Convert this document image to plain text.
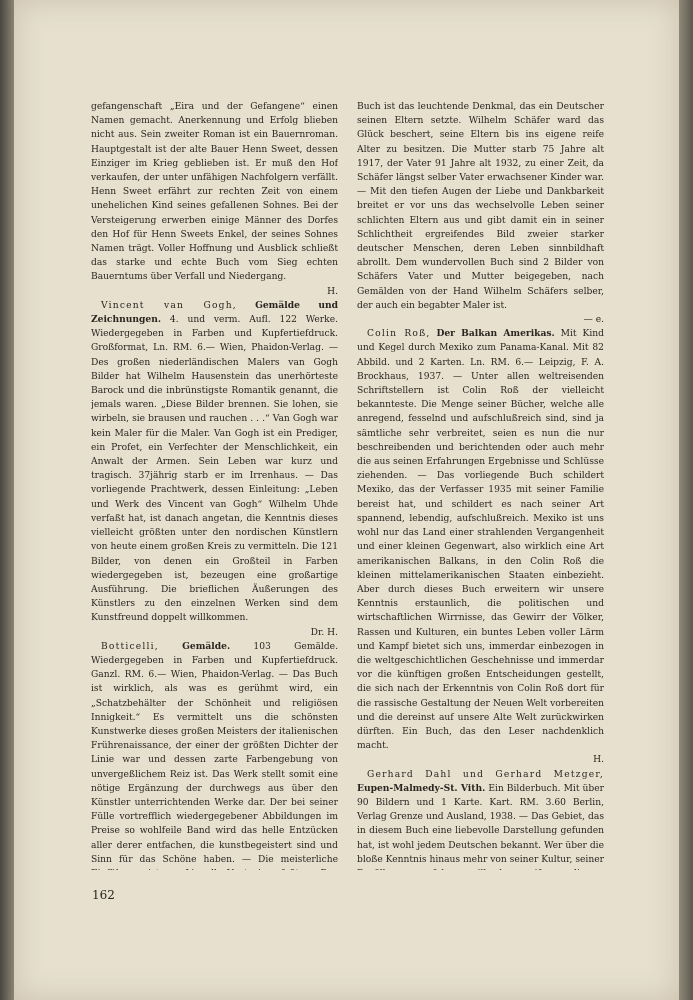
gefangenschaft „Eira und der Gefangene“ einen Namen gemacht. Anerkennung und Erfolg blieben nicht aus. Sein zweiter Roman ist ein Bauernroman. Hauptgestalt ist der alte Bauer Henn Sweet, dessen Einziger im Krieg geblieben ist. Er muß den Hof verkaufen, der unter unfähigen Nachfolgern verfällt. Henn Sweet erfährt zur rechten Zeit von einem unehelichen Kind seines gefallenen Sohnes. Bei der Versteigerung erwerben einige Männer des Dorfes den Hof für Henn Sweets Enkel, der seines Sohnes Namen trägt. Voller Hoffnung und Ausblick schließt das starke und echte Buch vom Sieg echten Bauerntums über Verfall und Niedergang.
H.

Vincent van Gogh, Gemälde und Zeichnungen. 4. und verm. Aufl. 122 Werke. Wiedergegeben in Farben und Kupfertiefdruck. Großformat, Ln. RM. 6.— Wien, Phaidon-Verlag. — Des großen niederländischen Malers van Gogh Bilder hat Wilhelm Hausenstein das unerhörteste Barock und die inbrünstigste Romantik genannt, die jemals waren. „Diese Bilder brennen. Sie lohen, sie wirbeln, sie brausen und rauchen . . .“ Van Gogh war kein Maler für die Maler. Van Gogh ist ein Prediger, ein Profet, ein Verfechter der Menschlichkeit, ein Anwalt der Armen. Sein Leben war kurz und tragisch. 37jährig starb er im Irrenhaus. — Das vorliegende Prachtwerk, dessen Einleitung: „Leben und Werk des Vincent van Gogh“ Wilhelm Uhde verfaßt hat, ist danach angetan, die Kenntnis dieses vielleicht größten unter den nordischen Künstlern von heute einem großen Kreis zu vermitteln. Die 121 Bilder, von denen ein Großteil in Farben wiedergegeben ist, bezeugen eine großartige Ausführung. Die brieflichen Äußerungen des Künstlers zu den einzelnen Werken sind dem Kunstfreund doppelt willkommen.
Dr. H.

Botticelli,	Gemälde.	103 Gemälde. Wiedergegeben in Farben und Kupfertiefdruck. Ganzl. RM. 6.— Wien, Phaidon-Verlag. — Das Buch ist wirklich, als was es gerühmt wird, ein „Schatzbehälter der Schönheit und religiösen Innigkeit.“ Es vermittelt uns die schönsten Kunstwerke dieses großen Meisters der italienischen Frührenaissance, der einer der größten Dichter der Linie war und dessen zarte Farbengebung von unvergeßlichem Reiz ist. Das Werk stellt somit eine nötige Ergänzung der durchwegs aus über den Künstler unterrichtenden Werke dar. Der bei seiner Fülle vortrefflich wiedergegebener Abbildungen im Preise so wohlfeile Band wird das helle Entzücken aller derer entfachen, die kunstbegeistert sind und Sinn für das Schöne haben. — Die meisterliche

Buch ist das leuchtende Denkmal, das ein Deutscher seinen Eltern setzte. Wilhelm Schäfer ward das Glück beschert, seine Eltern bis ins eigene reife Alter zu besitzen. Die Mutter starb 75 Jahre alt 1917, der Vater 91 Jahre alt 1932, zu einer Zeit, da Schäfer längst selber Vater erwachsener Kinder war. — Mit den tiefen Augen der Liebe und Dankbarkeit breitet er vor uns das wechselvolle Leben seiner schlichten Eltern aus und gibt damit ein in seiner Schlichtheit ergreifendes Bild zweier starker deutscher Menschen, deren Leben sinnbildhaft abrollt. Dem wundervollen Buch sind 2 Bilder von Schäfers Vater und Mutter beigegeben, nach Gemälden von der Hand Wilhelm Schäfers selber, der auch ein begabter Maler ist.
— e.

Colin Roß, Der Balkan Amerikas. Mit Kind und Kegel durch Mexiko zum Panama-Kanal. Mit 82 Abbild. und 2 Karten. Ln. RM. 6.— Leipzig, F. A. Brockhaus, 1937. — Unter allen weltreisenden Schriftstellern ist Colin Roß der vielleicht bekannteste. Die Menge seiner Bücher, welche alle anregend, fesselnd und aufschlußreich sind, sind ja sämtliche sehr verbreitet, seien es nun die nur beschreibenden und berichtenden oder auch mehr die aus seinen Erfahrungen Ergebnisse und Schlüsse ziehenden. — Das vorliegende Buch schildert Mexiko, das der Verfasser 1935 mit seiner Familie bereist hat, und schildert es nach seiner Art spannend, lebendig, aufschlußreich. Mexiko ist uns wohl nur das Land einer strahlenden Vergangenheit und einer kleinen Gegenwart, also wirklich eine Art amerikanischen Balkans, in den Colin Roß die kleinen mittelamerikanischen Staaten einbezieht. Aber durch dieses Buch erweitern wir unsere Kenntnis erstaunlich, die politischen und wirtschaftlichen Wirrnisse, das Gewirr der Völker, Rassen und Kulturen, ein buntes Leben voller Lärm und Kampf bietet sich uns, immerdar einbezogen in die weltgeschichtlichen Geschehnisse und immerdar vor die künftigen großen Entscheidungen gestellt, die sich nach der Erkenntnis von Colin Roß dort für die rassische Gestaltung der Neuen Welt vorbereiten und die dereinst auf unsere Alte Welt zurückwirken dürften. Ein Buch, das den Leser nachdenklich macht.
H.

Gerhard Dahl und Gerhard Metzger, Eupen-Malmedy-St. Vith. Ein Bilderbuch. Mit über 90 Bildern und 1 Karte. Kart. RM. 3.60 Berlin, Verlag Grenze und Ausland, 1938. — Das Gebiet, das in diesem Buch eine liebevolle Darstellung gefunden hat, ist wohl jedem Deutschen bekannt. Wer über die bloße Kenntnis hinaus mehr von seiner Kultur, seiner

162
